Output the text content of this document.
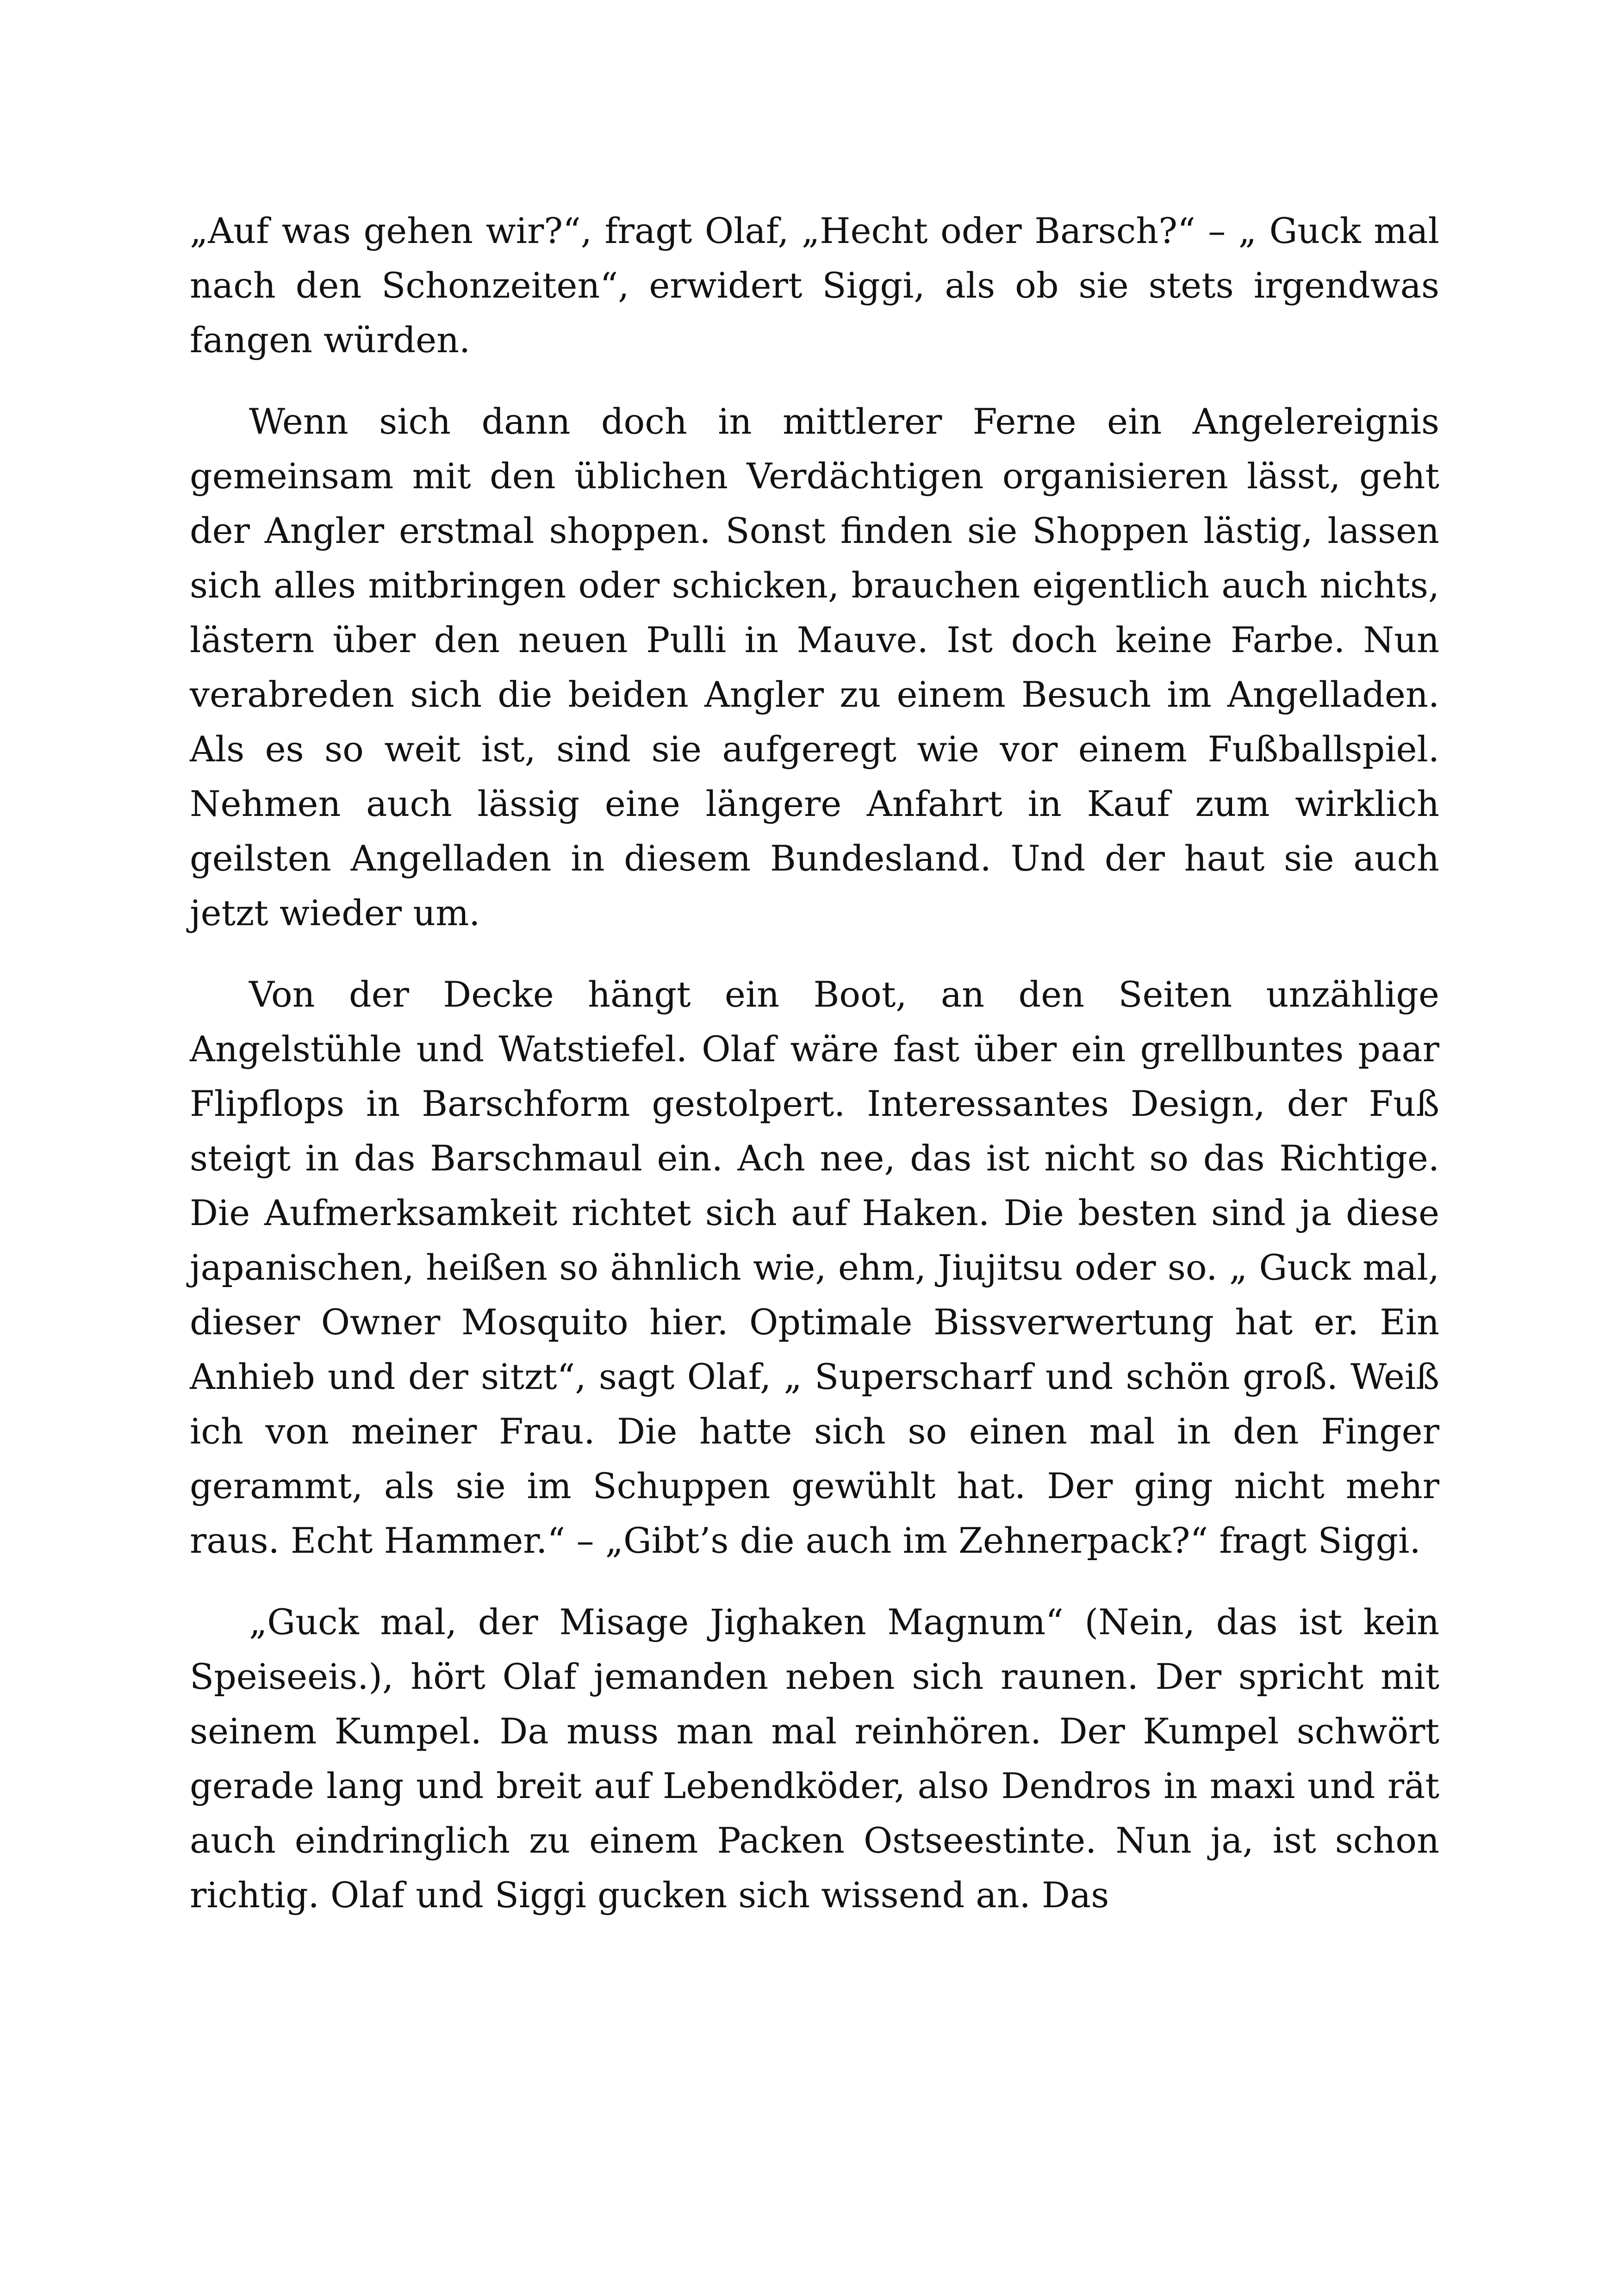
„Auf was gehen wir?“, fragt Olaf, „Hecht oder Barsch?“ – „ Guck mal nach den Schonzeiten“, erwidert Siggi, als ob sie stets irgendwas fangen würden.

Wenn sich dann doch in mittlerer Ferne ein Angelereignis gemeinsam mit den üblichen Verdächtigen organisieren lässt, geht der Angler erstmal shoppen. Sonst finden sie Shoppen lästig, lassen sich alles mitbringen oder schicken, brauchen eigentlich auch nichts, lästern über den neuen Pulli in Mauve. Ist doch keine Farbe. Nun verabreden sich die beiden Angler zu einem Besuch im Angelladen. Als es so weit ist, sind sie aufgeregt wie vor einem Fußballspiel. Nehmen auch lässig eine längere Anfahrt in Kauf zum wirklich geilsten Angelladen in diesem Bundesland. Und der haut sie auch jetzt wieder um.

Von der Decke hängt ein Boot, an den Seiten unzählige Angelstühle und Watstiefel. Olaf wäre fast über ein grellbuntes paar Flipflops in Barschform gestolpert. Interessantes Design, der Fuß steigt in das Barschmaul ein. Ach nee, das ist nicht so das Richtige. Die Aufmerksamkeit richtet sich auf Haken. Die besten sind ja diese japanischen, heißen so ähnlich wie, ehm, Jiujitsu oder so. „ Guck mal, dieser Owner Mosquito hier. Optimale Bissverwertung hat er. Ein Anhieb und der sitzt“, sagt Olaf, „ Superscharf und schön groß. Weiß ich von meiner Frau. Die hatte sich so einen mal in den Finger gerammt, als sie im Schuppen gewühlt hat. Der ging nicht mehr raus. Echt Hammer.“ – „Gibt’s die auch im Zehnerpack?“ fragt Siggi.

„Guck mal, der Misage Jighaken Magnum“ (Nein, das ist kein Speiseeis.), hört Olaf jemanden neben sich raunen. Der spricht mit seinem Kumpel. Da muss man mal reinhören. Der Kumpel schwört gerade lang und breit auf Lebendköder, also Dendros in maxi und rät auch eindringlich zu einem Packen Ostseestinte. Nun ja, ist schon richtig. Olaf und Siggi gucken sich wissend an. Das
